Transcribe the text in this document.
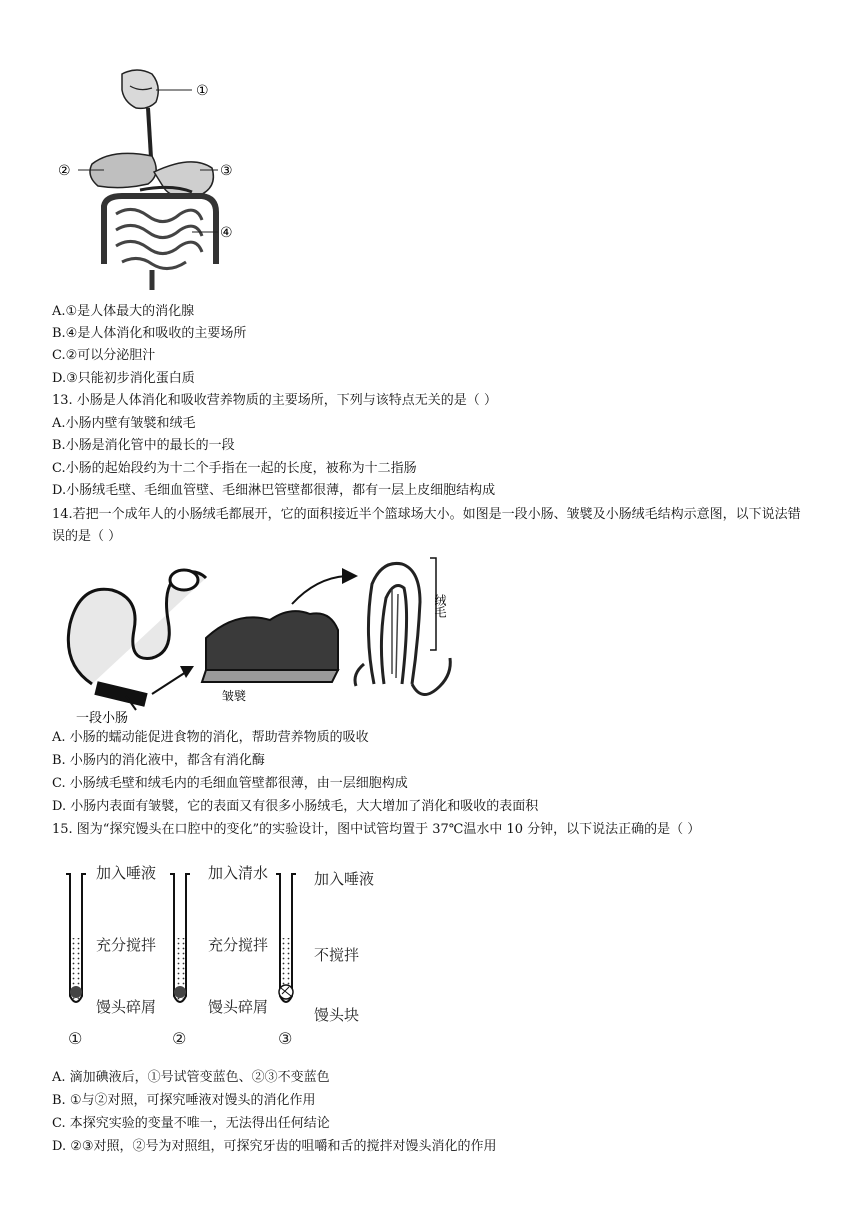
①
②	③
④
A.①是人体最大的消化腺
B.④是人体消化和吸收的主要场所
C.②可以分泌胆汁
D.③只能初步消化蛋白质
13. 小肠是人体消化和吸收营养物质的主要场所，下列与该特点无关的是（ ）
A.小肠内壁有皱襞和绒毛
B.小肠是消化管中的最长的一段
C.小肠的起始段约为十二个手指在一起的长度，被称为十二指肠
D.小肠绒毛壁、毛细血管壁、毛细淋巴管壁都很薄，都有一层上皮细胞结构成
14.若把一个成年人的小肠绒毛都展开，它的面积接近半个篮球场大小。如图是一段小肠、皱襞及小肠绒毛结构示意图，以下说法错误的是（ ）
绒毛
皱襞
一段小肠
A. 小肠的蠕动能促进食物的消化，帮助营养物质的吸收
B. 小肠内的消化液中，都含有消化酶
C. 小肠绒毛壁和绒毛内的毛细血管壁都很薄，由一层细胞构成
D. 小肠内表面有皱襞，它的表面又有很多小肠绒毛，大大增加了消化和吸收的表面积
15. 图为“探究馒头在口腔中的变化”的实验设计，图中试管均置于 37℃温水中 10 分钟，以下说法正确的是（ ）
加入唾液
充分搅拌
馒头碎屑
加入清水
充分搅拌
馒头碎屑
加入唾液
不搅拌
馒头块
①	②	③
A. 滴加碘液后，①号试管变蓝色、②③不变蓝色
B. ①与②对照，可探究唾液对馒头的消化作用
C. 本探究实验的变量不唯一，无法得出任何结论
D. ②③对照，②号为对照组，可探究牙齿的咀嚼和舌的搅拌对馒头消化的作用
